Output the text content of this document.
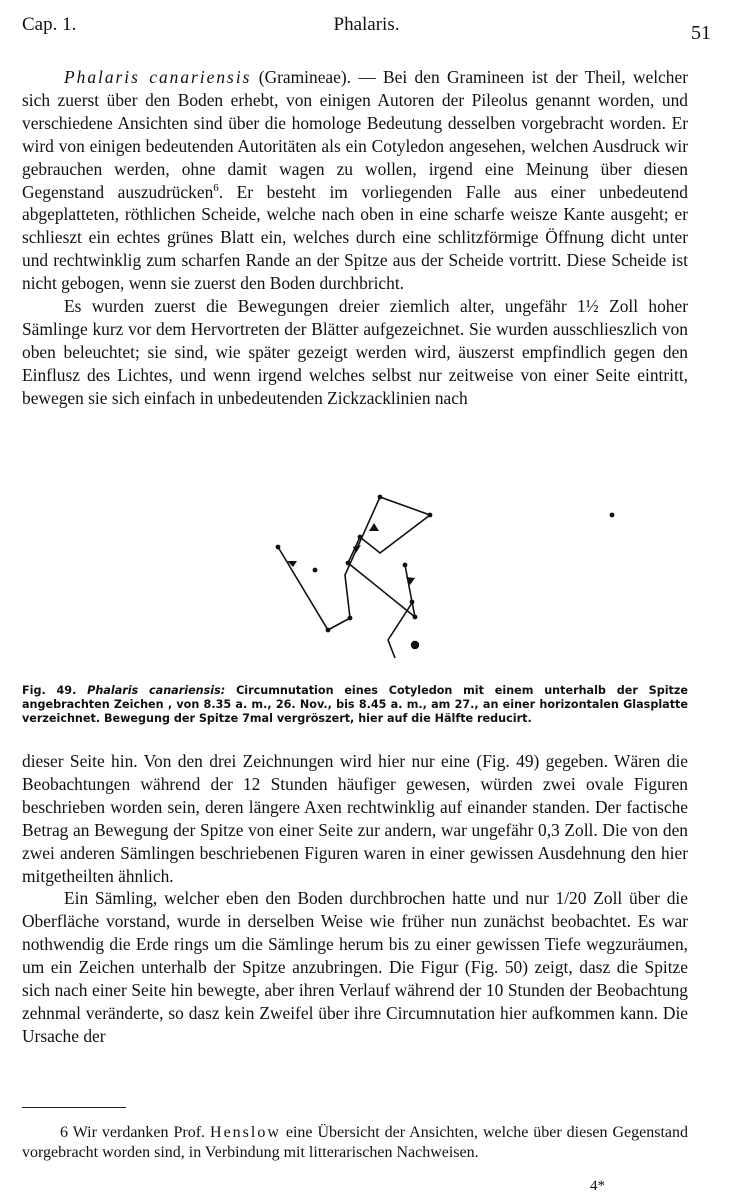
Cap. 1.	Phalaris.	51

Phalaris canariensis (Gramineae). — Bei den Gramineen ist der Theil, welcher sich zuerst über den Boden erhebt, von einigen Autoren der Pileolus genannt worden, und verschiedene Ansichten sind über die homologe Bedeutung desselben vorgebracht worden. Er wird von einigen bedeutenden Autoritäten als ein Cotyledon angesehen, welchen Ausdruck wir gebrauchen werden, ohne damit wagen zu wollen, irgend eine Meinung über diesen Gegenstand auszudrücken$^6$. Er besteht im vorliegenden Falle aus einer unbedeutend abgeplatteten, röthlichen Scheide, welche nach oben in eine scharfe weisze Kante ausgeht; er schlieszt ein echtes grünes Blatt ein, welches durch eine schlitzförmige Öffnung dicht unter und rechtwinklig zum scharfen Rande an der Spitze aus der Scheide vortritt. Diese Scheide ist nicht gebogen, wenn sie zuerst den Boden durchbricht.

Es wurden zuerst die Bewegungen dreier ziemlich alter, ungefähr 1½ Zoll hoher Sämlinge kurz vor dem Hervortreten der Blätter aufgezeichnet. Sie wurden ausschlieszlich von oben beleuchtet; sie sind, wie später gezeigt werden wird, äuszerst empfindlich gegen den Einflusz des Lichtes, und wenn irgend welches selbst nur zeitweise von einer Seite eintritt, bewegen sie sich einfach in unbedeutenden Zickzacklinien nach

Fig. 49. Phalaris canariensis: Circumnutation eines Cotyledon mit einem unterhalb der Spitze angebrachten Zeichen , von 8.35 a. m., 26. Nov., bis 8.45 a. m., am 27., an einer horizontalen Glasplatte verzeichnet. Bewegung der Spitze 7mal vergröszert, hier auf die Hälfte reducirt.

dieser Seite hin. Von den drei Zeichnungen wird hier nur eine (Fig. 49) gegeben. Wären die Beobachtungen während der 12 Stunden häufiger gewesen, würden zwei ovale Figuren beschrieben worden sein, deren längere Axen rechtwinklig auf einander standen. Der factische Betrag an Bewegung der Spitze von einer Seite zur andern, war ungefähr 0,3 Zoll. Die von den zwei anderen Sämlingen beschriebenen Figuren waren in einer gewissen Ausdehnung den hier mitgetheilten ähnlich.

Ein Sämling, welcher eben den Boden durchbrochen hatte und nur 1/20 Zoll über die Oberfläche vorstand, wurde in derselben Weise wie früher nun zunächst beobachtet. Es war nothwendig die Erde rings um die Sämlinge herum bis zu einer gewissen Tiefe wegzuräumen, um ein Zeichen unterhalb der Spitze anzubringen. Die Figur (Fig. 50) zeigt, dasz die Spitze sich nach einer Seite hin bewegte, aber ihren Verlauf während der 10 Stunden der Beobachtung zehnmal veränderte, so dasz kein Zweifel über ihre Circumnutation hier aufkommen kann. Die Ursache der

6 Wir verdanken Prof. Henslow eine Übersicht der Ansichten, welche über diesen Gegenstand vorgebracht worden sind, in Verbindung mit litterarischen Nachweisen.
4*
